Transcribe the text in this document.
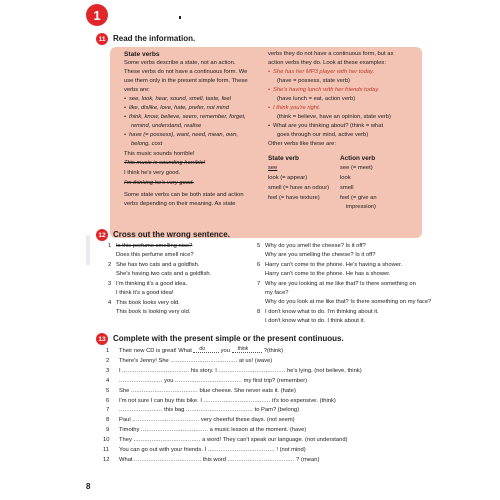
1
11 Read the information.
State verbs
Some verbs describe a state, not an action.
These verbs do not have a continuous form. We
use them only in the present simple form. These
verbs are:
• see, look, hear, sound, smell, taste, feel
• like, dislike, love, hate, prefer, not mind
• think, know, believe, seem, remember, forget,
remind, understand, realise
• have (= possess), want, need, mean, own,
belong, cost
This music sounds horrible!
This music is sounding horrible!
I think he's very good.
I'm thinking he's very good.
Some state verbs can be both state and action
verbs depending on their meaning. As state
verbs they do not have a continuous form, but as
action verbs they do. Look at these examples:
• She has her MP3 player with her today.
(have = possess, state verb)
• She's having lunch with her friends today.
(have lunch = eat, action verb)
• I think you're right.
(think = believe, have an opinion, state verb)
• What are you thinking about? (think = what
goes through our mind, active verb)
Other verbs like these are:
State verb	Action verb
see	see (= meet)
look (= appear)	look
smell (= have an odour) smell
feel (= have texture)	feel (= give an
impression)
12 Cross out the wrong sentence.
1 Is this perfume smelling nice?
Does this perfume smell nice?
2 She has two cats and a goldfish.
She's having two cats and a goldfish.
3 I'm thinking it's a good idea.
I think it's a good idea!
4 This book looks very old.
This book is looking very old.
5 Why do you smell the cheese? Is it off?
Why are you smelling the cheese? Is it off?
6 Harry can't come to the phone. He's having a shower.
Harry can't come to the phone. He has a shower.
7 Why are you looking at me like that? Is there something on
my face?
Why do you look at me like that? Is there something on my face?
8 I don't know what to do. I'm thinking about it.
I don't know what to do. I think about it.
13 Complete with the present simple or the present continuous.
1 Their new CD is great! What do you think ?(think)
2 There's Jenny! She ..................................... at us! (wave)
3 I ..................................... his story. I ..................................... he's lying. (not believe, think)
4 ........................ you ..................................... my first trip? (remember)
5 She ..................................... blue cheese. She never eats it. (hate)
6 I'm not sure I can buy this bike. I ..................................... it's too expensive. (think)
7 ........................ this bag ..................................... to Pam? (belong)
8 Paul ..................................... very cheerful these days. (not seem)
9 Timothy ..................................... a music lesson at the moment. (have)
10 They ..................................... a word! They can't speak our language. (not understand)
11 You can go out with your friends. I ..................................... ! (not mind)
12 What ..................................... this word ..................................... ? (mean)
8
